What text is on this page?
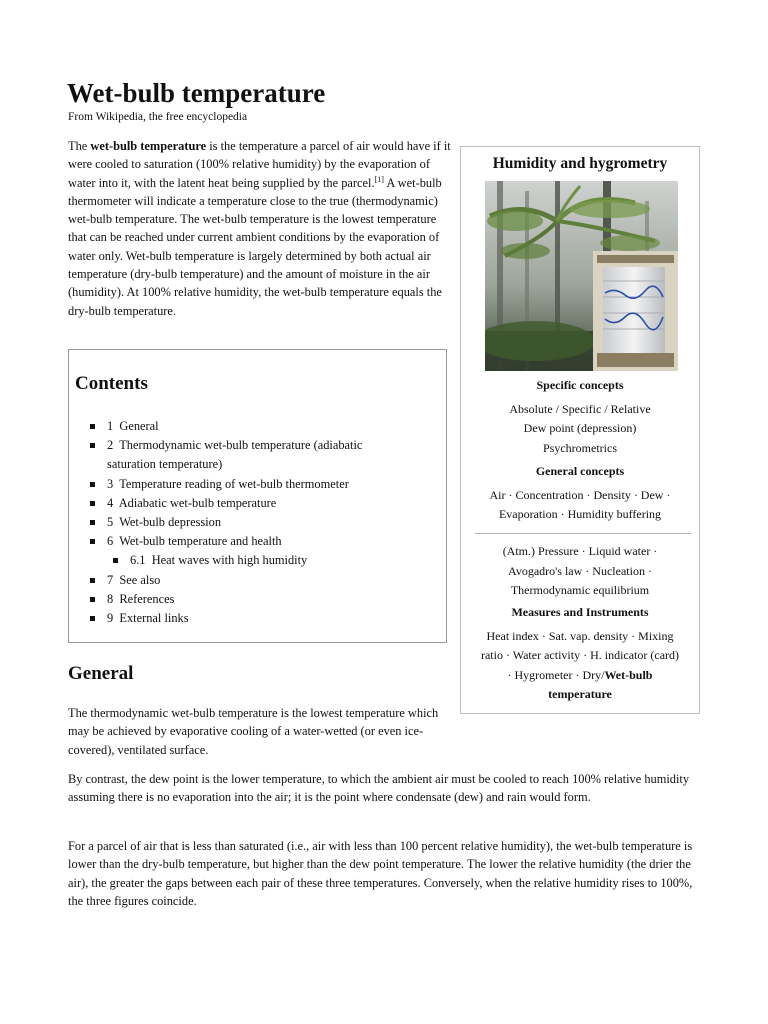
Wet-bulb temperature
From Wikipedia, the free encyclopedia

The wet-bulb temperature is the temperature a parcel of air would have if it were cooled to saturation (100% relative humidity) by the evaporation of water into it, with the latent heat being supplied by the parcel.[1] A wet-bulb thermometer will indicate a temperature close to the true (thermodynamic) wet-bulb temperature. The wet-bulb temperature is the lowest temperature that can be reached under current ambient conditions by the evaporation of water only. Wet-bulb temperature is largely determined by both actual air temperature (dry-bulb temperature) and the amount of moisture in the air (humidity). At 100% relative humidity, the wet-bulb temperature equals the dry-bulb temperature.

Humidity and hygrometry
Specific concepts
Absolute / Specific / Relative
Dew point (depression)
Psychrometrics
General concepts
Air · Concentration · Density · Dew ·
Evaporation · Humidity buffering
(Atm.) Pressure · Liquid water ·
Avogadro's law · Nucleation ·
Thermodynamic equilibrium
Measures and Instruments
Heat index · Sat. vap. density · Mixing
ratio · Water activity · H. indicator (card)
· Hygrometer · Dry/Wet-bulb
temperature
Contents
1 General
2 Thermodynamic wet-bulb temperature (adiabatic
saturation temperature)
3 Temperature reading of wet-bulb thermometer
4 Adiabatic wet-bulb temperature
5 Wet-bulb depression
6 Wet-bulb temperature and health
6.1 Heat waves with high humidity
7 See also
8 References
9 External links
General

The thermodynamic wet-bulb temperature is the lowest temperature which may be achieved by evaporative cooling of a water-wetted (or even ice-covered), ventilated surface.

By contrast, the dew point is the lower temperature, to which the ambient air must be cooled to reach 100% relative humidity assuming there is no evaporation into the air; it is the point where condensate (dew) and rain would form.

For a parcel of air that is less than saturated (i.e., air with less than 100 percent relative humidity), the wet-bulb temperature is lower than the dry-bulb temperature, but higher than the dew point temperature. The lower the relative humidity (the drier the air), the greater the gaps between each pair of these three temperatures. Conversely, when the relative humidity rises to 100%, the three figures coincide.
